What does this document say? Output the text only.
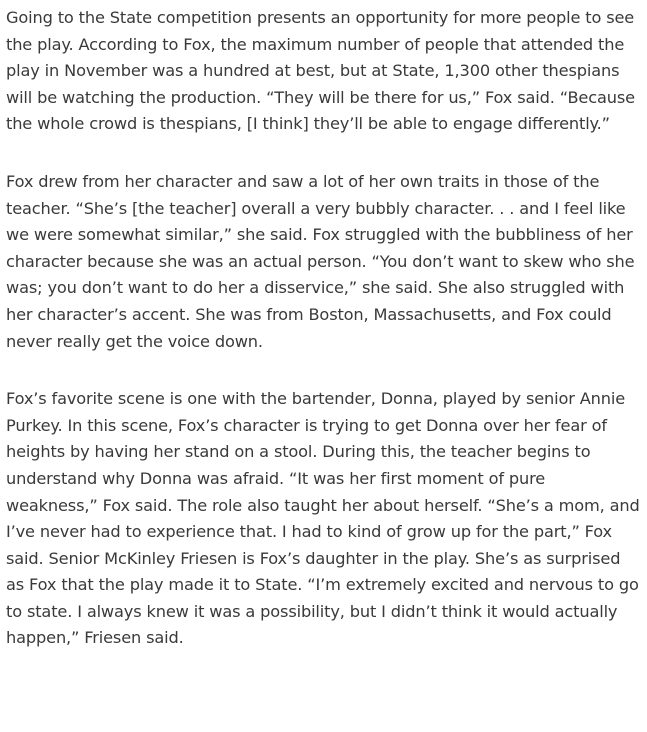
Going to the State competition presents an opportunity for more people to see the play. According to Fox, the maximum number of people that attended the play in November was a hundred at best, but at State, 1,300 other thespians will be watching the production. “They will be there for us,” Fox said. “Because the whole crowd is thespians, [I think] they’ll be able to engage differently.”

Fox drew from her character and saw a lot of her own traits in those of the teacher. “She’s [the teacher] overall a very bubbly character. . . and I feel like we were somewhat similar,” she said. Fox struggled with the bubbliness of her character because she was an actual person. “You don’t want to skew who she was; you don’t want to do her a disservice,” she said. She also struggled with her character’s accent. She was from Boston, Massachusetts, and Fox could never really get the voice down.

Fox’s favorite scene is one with the bartender, Donna, played by senior Annie Purkey. In this scene, Fox’s character is trying to get Donna over her fear of heights by having her stand on a stool. During this, the teacher begins to understand why Donna was afraid. “It was her first moment of pure weakness,” Fox said. The role also taught her about herself. “She’s a mom, and I’ve never had to experience that. I had to kind of grow up for the part,” Fox said. Senior McKinley Friesen is Fox’s daughter in the play. She’s as surprised as Fox that the play made it to State. “I’m extremely excited and nervous to go to state. I always knew it was a possibility, but I didn’t think it would actually happen,” Friesen said.
